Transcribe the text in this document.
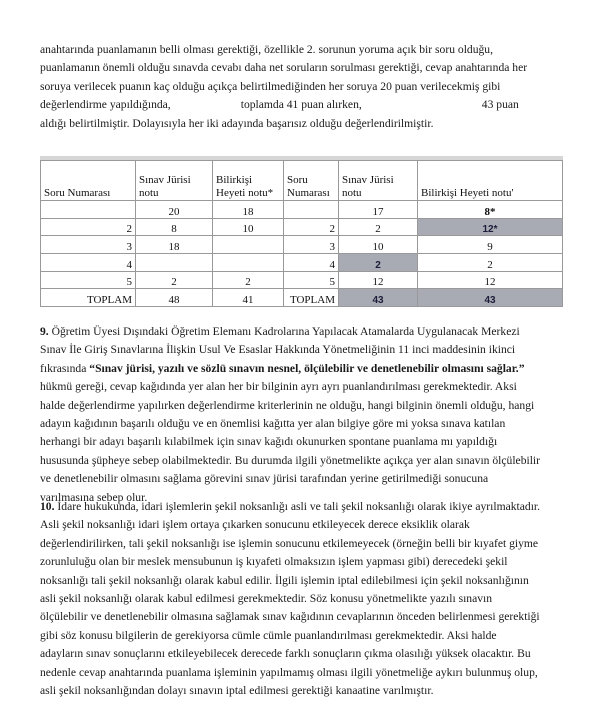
anahtarında puanlamanın belli olması gerektiği, özellikle 2. sorunun yoruma açık bir soru olduğu,
puanlamanın önemli olduğu sınavda cevabı daha net soruların sorulması gerektiği, cevap anahtarında her
soruya verilecek puanın kaç olduğu açıkça belirtilmediğinden her soruya 20 puan verilecekmiş gibi
değerlendirme yapıldığında,	toplamda 41 puan alırken,	43 puan
aldığı belirtilmiştir. Dolayısıyla her iki adayında başarısız olduğu değerlendirilmiştir.
Soru Numarası	Sınav Jürisi notu	Bilirkişi Heyeti notu*	Soru Numarası	Sınav Jürisi notu	Bilirkişi Heyeti notu'
	20	18		17	8*
2	8	10	2	2	12*
3	18		3	10	9
4			4	2	2
5	2	2	5	12	12
TOPLAM	48	41	TOPLAM	43	43
9. Öğretim Üyesi Dışındaki Öğretim Elemanı Kadrolarına Yapılacak Atamalarda Uygulanacak Merkezi
Sınav İle Giriş Sınavlarına İlişkin Usul Ve Esaslar Hakkında Yönetmeliğinin 11 inci maddesinin ikinci
fıkrasında “Sınav jürisi, yazılı ve sözlü sınavın nesnel, ölçülebilir ve denetlenebilir olmasını sağlar.”
hükmü gereği, cevap kağıdında yer alan her bir bilginin ayrı ayrı puanlandırılması gerekmektedir. Aksi
halde değerlendirme yapılırken değerlendirme kriterlerinin ne olduğu, hangi bilginin önemli olduğu, hangi
adayın kağıdının başarılı olduğu ve en önemlisi kağıtta yer alan bilgiye göre mi yoksa sınava katılan
herhangi bir adayı başarılı kılabilmek için sınav kağıdı okunurken spontane puanlama mı yapıldığı
hususunda şüpheye sebep olabilmektedir. Bu durumda ilgili yönetmelikte açıkça yer alan sınavın ölçülebilir
ve denetlenebilir olmasını sağlama görevini sınav jürisi tarafından yerine getirilmediği sonucuna
varılmasına sebep olur.
10. İdare hukukunda, idari işlemlerin şekil noksanlığı asli ve tali şekil noksanlığı olarak ikiye ayrılmaktadır.
Asli şekil noksanlığı idari işlem ortaya çıkarken sonucunu etkileyecek derece eksiklik olarak
değerlendirilirken, tali şekil noksanlığı ise işlemin sonucunu etkilemeyecek (örneğin belli bir kıyafet giyme
zorunluluğu olan bir meslek mensubunun iş kıyafeti olmaksızın işlem yapması gibi) derecedeki şekil
noksanlığı tali şekil noksanlığı olarak kabul edilir. İlgili işlemin iptal edilebilmesi için şekil noksanlığının
asli şekil noksanlığı olarak kabul edilmesi gerekmektedir. Söz konusu yönetmelikte yazılı sınavın
ölçülebilir ve denetlenebilir olmasına sağlamak sınav kağıdının cevaplarının önceden belirlenmesi gerektiği
gibi söz konusu bilgilerin de gerekiyorsa cümle cümle puanlandırılması gerekmektedir. Aksi halde
adayların sınav sonuçlarını etkileyebilecek derecede farklı sonuçların çıkma olasılığı yüksek olacaktır. Bu
nedenle cevap anahtarında puanlama işleminin yapılmamış olması ilgili yönetmeliğe aykırı bulunmuş olup,
asli şekil noksanlığından dolayı sınavın iptal edilmesi gerektiği kanaatine varılmıştır.
